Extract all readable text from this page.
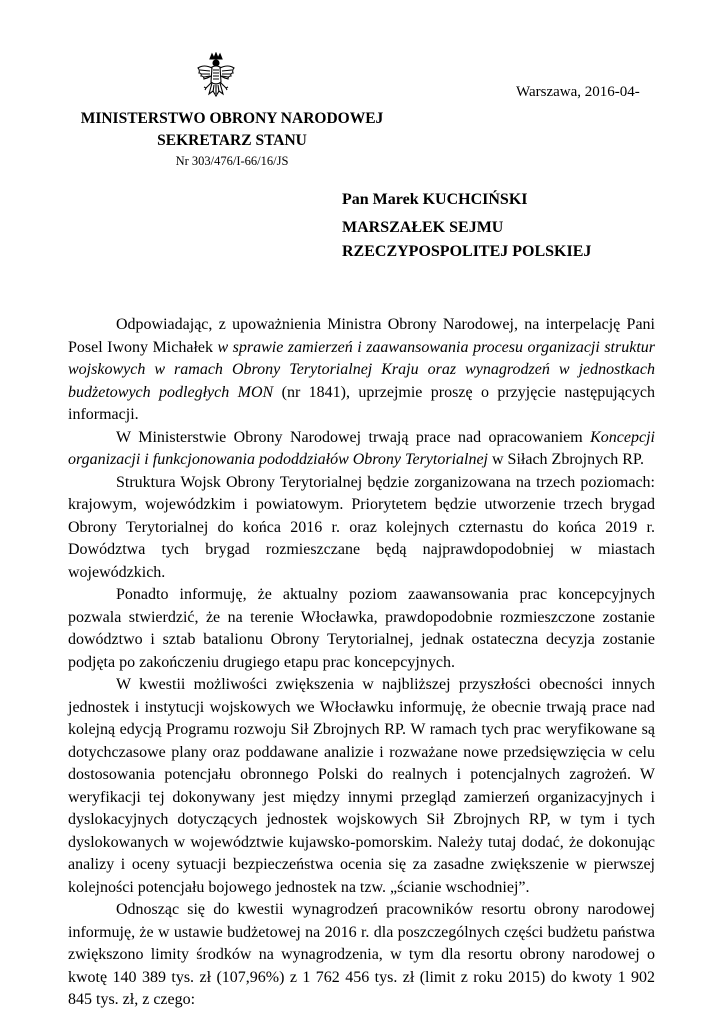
Warszawa, 2016-04-
MINISTERSTWO OBRONY NARODOWEJ
SEKRETARZ STANU
Nr 303/476/I-66/16/JS
Pan Marek KUCHCIŃSKI
MARSZAŁEK SEJMU
RZECZYPOSPOLITEJ POLSKIEJ

Odpowiadając, z upoważnienia Ministra Obrony Narodowej, na interpelację Pani Posel Iwony Michałek w sprawie zamierzeń i zaawansowania procesu organizacji struktur wojskowych w ramach Obrony Terytorialnej Kraju oraz wynagrodzeń w jednostkach budżetowych podległych MON (nr 1841), uprzejmie proszę o przyjęcie następujących informacji.

W Ministerstwie Obrony Narodowej trwają prace nad opracowaniem Koncepcji organizacji i funkcjonowania pododdziałów Obrony Terytorialnej w Siłach Zbrojnych RP.

Struktura Wojsk Obrony Terytorialnej będzie zorganizowana na trzech poziomach: krajowym, wojewódzkim i powiatowym. Priorytetem będzie utworzenie trzech brygad Obrony Terytorialnej do końca 2016 r. oraz kolejnych czternastu do końca 2019 r. Dowództwa tych brygad rozmieszczane będą najprawdopodobniej w miastach wojewódzkich.

Ponadto informuję, że aktualny poziom zaawansowania prac koncepcyjnych pozwala stwierdzić, że na terenie Włocławka, prawdopodobnie rozmieszczone zostanie dowództwo i sztab batalionu Obrony Terytorialnej, jednak ostateczna decyzja zostanie podjęta po zakończeniu drugiego etapu prac koncepcyjnych.

W kwestii możliwości zwiększenia w najbliższej przyszłości obecności innych jednostek i instytucji wojskowych we Włocławku informuję, że obecnie trwają prace nad kolejną edycją Programu rozwoju Sił Zbrojnych RP. W ramach tych prac weryfikowane są dotychczasowe plany oraz poddawane analizie i rozważane nowe przedsięwzięcia w celu dostosowania potencjału obronnego Polski do realnych i potencjalnych zagrożeń. W weryfikacji tej dokonywany jest między innymi przegląd zamierzeń organizacyjnych i dyslokacyjnych dotyczących jednostek wojskowych Sił Zbrojnych RP, w tym i tych dyslokowanych w województwie kujawsko-pomorskim. Należy tutaj dodać, że dokonując analizy i oceny sytuacji bezpieczeństwa ocenia się za zasadne zwiększenie w pierwszej kolejności potencjału bojowego jednostek na tzw. „ścianie wschodniej”.

Odnosząc się do kwestii wynagrodzeń pracowników resortu obrony narodowej informuję, że w ustawie budżetowej na 2016 r. dla poszczególnych części budżetu państwa zwiększono limity środków na wynagrodzenia, w tym dla resortu obrony narodowej o kwotę 140 389 tys. zł (107,96%) z 1 762 456 tys. zł (limit z roku 2015) do kwoty 1 902 845 tys. zł, z czego:
